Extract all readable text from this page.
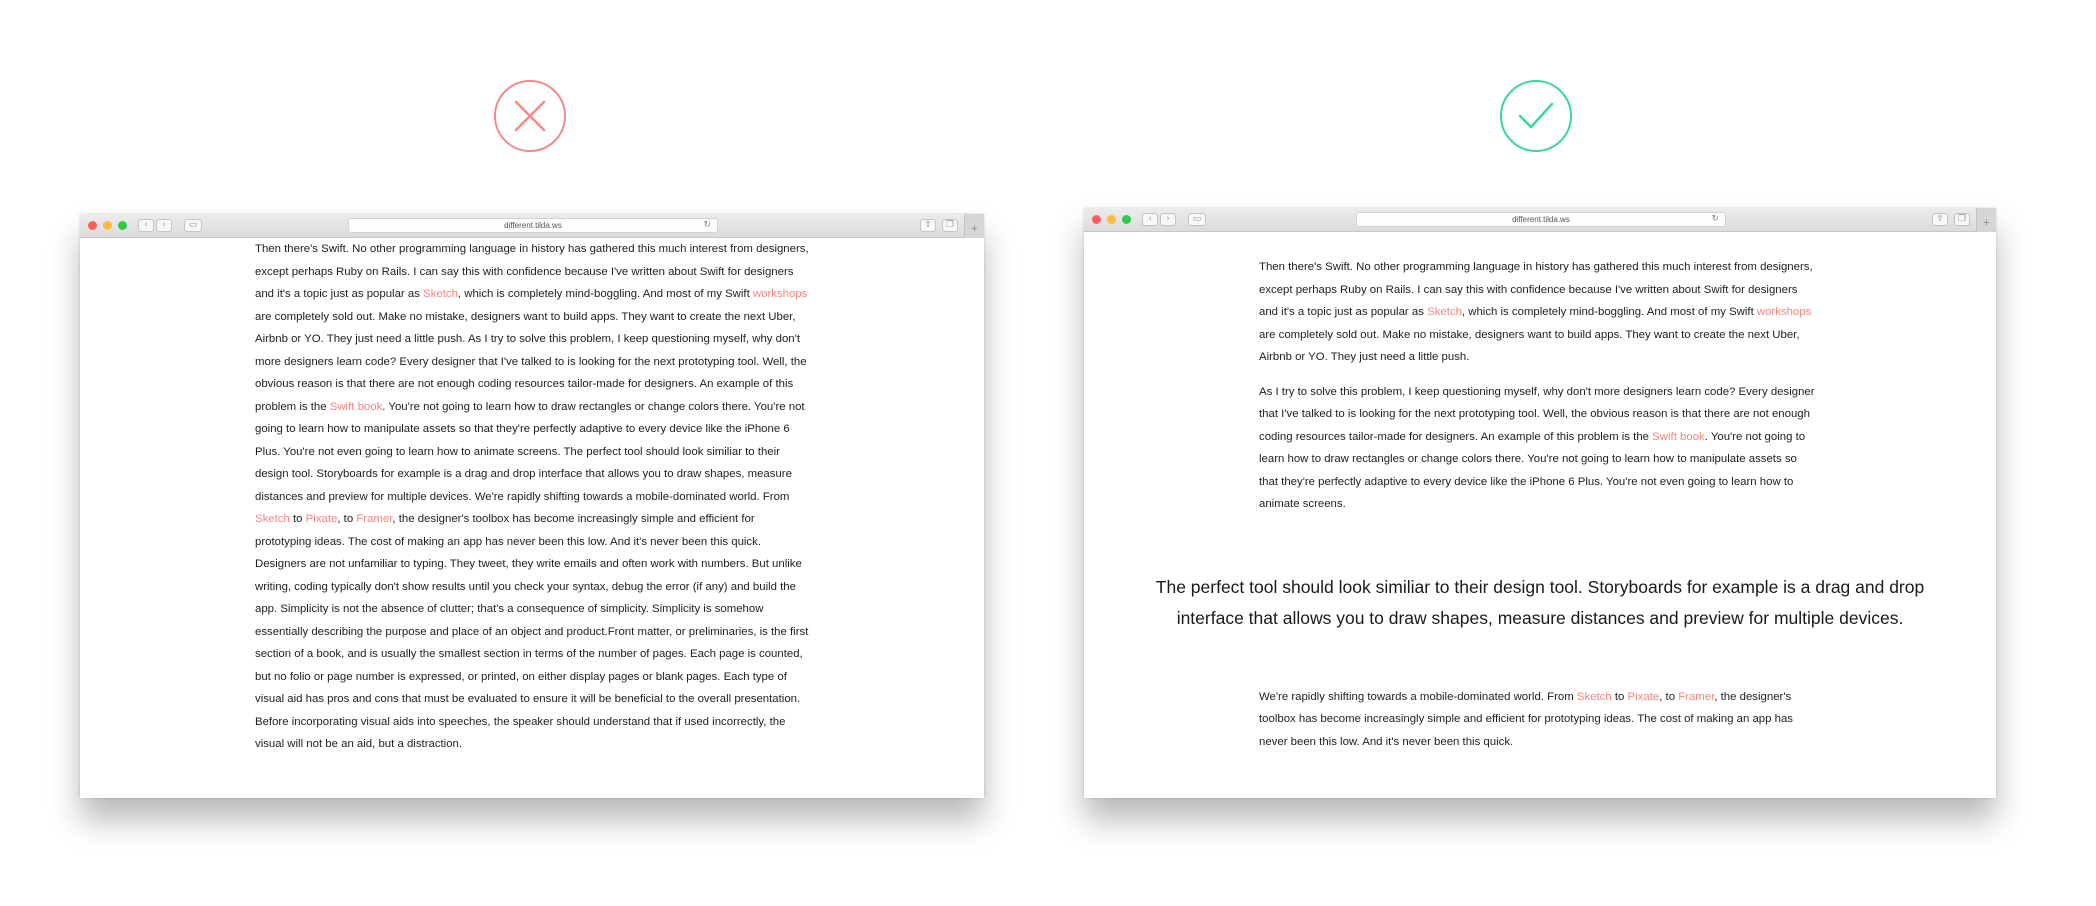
‹	›	▭	different.tilda.ws	↻	⇧	❐	+

Then there's Swift. No other programming language in history has gathered this much interest from designers, except perhaps Ruby on Rails. I can say this with confidence because I've written about Swift for designers and it's a topic just as popular as Sketch, which is completely mind-boggling. And most of my Swift workshops are completely sold out. Make no mistake, designers want to build apps. They want to create the next Uber, Airbnb or YO. They just need a little push. As I try to solve this problem, I keep questioning myself, why don't more designers learn code? Every designer that I've talked to is looking for the next prototyping tool. Well, the obvious reason is that there are not enough coding resources tailor-made for designers. An example of this problem is the Swift book. You're not going to learn how to draw rectangles or change colors there. You're not going to learn how to manipulate assets so that they're perfectly adaptive to every device like the iPhone 6 Plus. You're not even going to learn how to animate screens. The perfect tool should look similiar to their design tool. Storyboards for example is a drag and drop interface that allows you to draw shapes, measure distances and preview for multiple devices. We're rapidly shifting towards a mobile-dominated world. From Sketch to Pixate, to Framer, the designer's toolbox has become increasingly simple and efficient for prototyping ideas. The cost of making an app has never been this low. And it's never been this quick. Designers are not unfamiliar to typing. They tweet, they write emails and often work with numbers. But unlike writing, coding typically don't show results until you check your syntax, debug the error (if any) and build the app. Simplicity is not the absence of clutter; that's a consequence of simplicity. Simplicity is somehow essentially describing the purpose and place of an object and product.Front matter, or preliminaries, is the first section of a book, and is usually the smallest section in terms of the number of pages. Each page is counted, but no folio or page number is expressed, or printed, on either display pages or blank pages. Each type of visual aid has pros and cons that must be evaluated to ensure it will be beneficial to the overall presentation. Before incorporating visual aids into speeches, the speaker should understand that if used incorrectly, the visual will not be an aid, but a distraction.

‹	›	▭	different.tilda.ws	↻	⇧	❐	+

Then there's Swift. No other programming language in history has gathered this much interest from designers, except perhaps Ruby on Rails. I can say this with confidence because I've written about Swift for designers and it's a topic just as popular as Sketch, which is completely mind-boggling. And most of my Swift workshops are completely sold out. Make no mistake, designers want to build apps. They want to create the next Uber, Airbnb or YO. They just need a little push.

As I try to solve this problem, I keep questioning myself, why don't more designers learn code? Every designer that I've talked to is looking for the next prototyping tool. Well, the obvious reason is that there are not enough coding resources tailor-made for designers. An example of this problem is the Swift book. You're not going to learn how to draw rectangles or change colors there. You're not going to learn how to manipulate assets so that they're perfectly adaptive to every device like the iPhone 6 Plus. You're not even going to learn how to animate screens.

The perfect tool should look similiar to their design tool. Storyboards for example is a drag and drop interface that allows you to draw shapes, measure distances and preview for multiple devices.

We're rapidly shifting towards a mobile-dominated world. From Sketch to Pixate, to Framer, the designer's toolbox has become increasingly simple and efficient for prototyping ideas. The cost of making an app has never been this low. And it's never been this quick.
